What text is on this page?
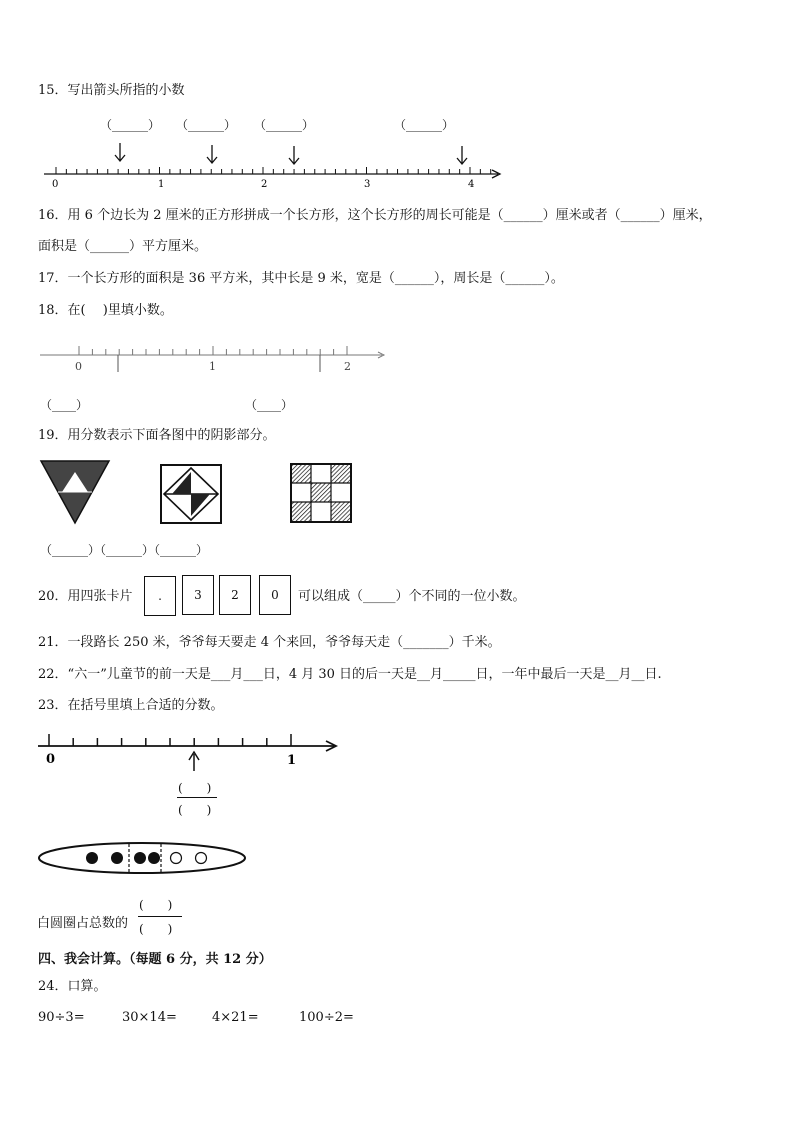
15．写出箭头所指的小数
（______） （______） （______）	（______）
0	1	2	3	4
16．用 6 个边长为 2 厘米的正方形拼成一个长方形，这个长方形的周长可能是（______）厘米或者（______）厘米，
面积是（______）平方厘米。
17．一个长方形的面积是 36 平方米，其中长是 9 米，宽是（______），周长是（______）。
18．在(　 )里填小数。
0	1	2
（____）	（____）
19．用分数表示下面各图中的阴影部分。
（______）（______）（______）
20．用四张卡片	.	3	2	0	可以组成（_____）个不同的一位小数。
21．一段路长 250 米，爷爷每天要走 4 个来回，爷爷每天走（_______）千米。
22．“六一”儿童节的前一天是___月___日，4 月 30 日的后一天是__月_____日，一年中最后一天是__月__日.
23．在括号里填上合适的分数。
0	1
(　　)
(　　)
白圆圈占总数的
(　　)
(　　)
四、我会计算。（每题 6 分，共 12 分）
24．口算。
90÷3=	30×14=	4×21=	100÷2=
